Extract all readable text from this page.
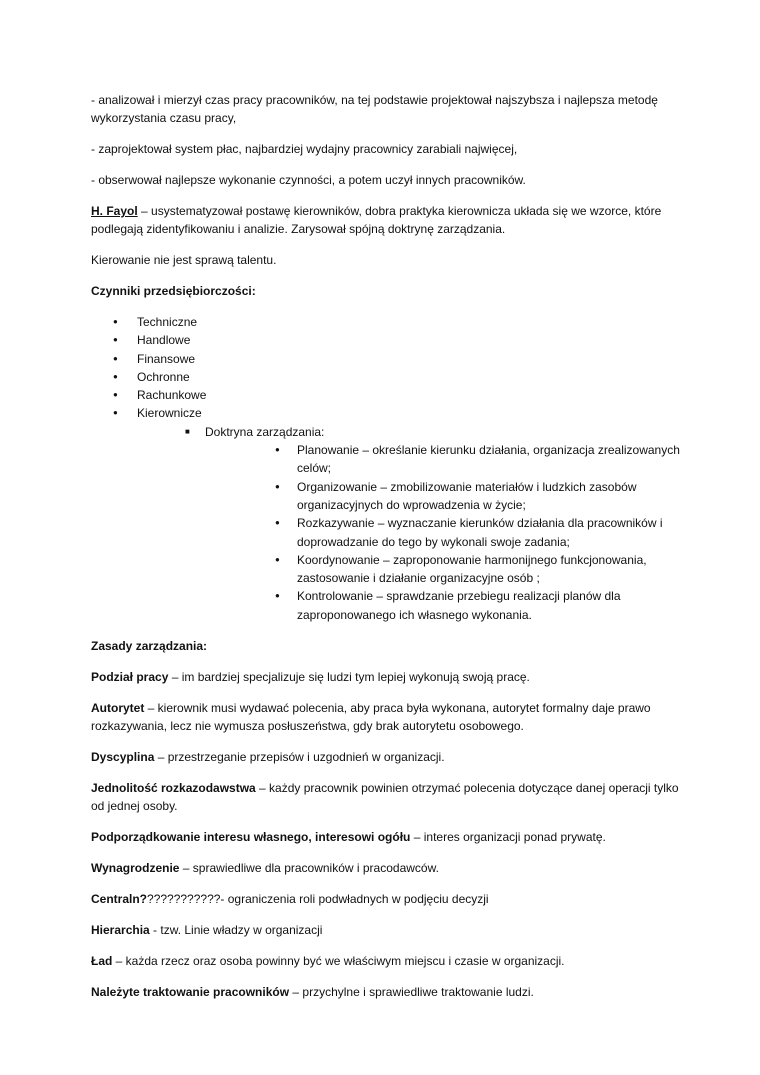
- analizował i mierzył czas pracy pracowników, na tej podstawie projektował najszybsza i najlepsza metodę wykorzystania czasu pracy,

- zaprojektował system płac, najbardziej wydajny pracownicy zarabiali najwięcej,

- obserwował najlepsze wykonanie czynności, a potem uczył innych pracowników.

H. Fayol – usystematyzował postawę kierowników, dobra praktyka kierownicza układa się we wzorce, które podlegają zidentyfikowaniu i analizie. Zarysował spójną doktrynę zarządzania.

Kierowanie nie jest sprawą talentu.

Czynniki przedsiębiorczości:

● Techniczne
● Handlowe
● Finansowe
● Ochronne
● Rachunkowe
● Kierownicze
■ Doktryna zarządzania:
● Planowanie – określanie kierunku działania, organizacja zrealizowanych celów;
● Organizowanie – zmobilizowanie materiałów i ludzkich zasobów organizacyjnych do wprowadzenia w życie;
● Rozkazywanie – wyznaczanie kierunków działania dla pracowników i doprowadzanie do tego by wykonali swoje zadania;
● Koordynowanie – zaproponowanie harmonijnego funkcjonowania, zastosowanie i działanie organizacyjne osób ;
● Kontrolowanie – sprawdzanie przebiegu realizacji planów dla zaproponowanego ich własnego wykonania.

Zasady zarządzania:

Podział pracy – im bardziej specjalizuje się ludzi tym lepiej wykonują swoją pracę.

Autorytet – kierownik musi wydawać polecenia, aby praca była wykonana, autorytet formalny daje prawo rozkazywania, lecz nie wymusza posłuszeństwa, gdy brak autorytetu osobowego.

Dyscyplina – przestrzeganie przepisów i uzgodnień w organizacji.

Jednolitość rozkazodawstwa – każdy pracownik powinien otrzymać polecenia dotyczące danej operacji tylko od jednej osoby.

Podporządkowanie interesu własnego, interesowi ogółu – interes organizacji ponad prywatę.

Wynagrodzenie – sprawiedliwe dla pracowników i pracodawców.

Centraln????????????- ograniczenia roli podwładnych w podjęciu decyzji

Hierarchia - tzw. Linie władzy w organizacji

Ład – każda rzecz oraz osoba powinny być we właściwym miejscu i czasie w organizacji.

Należyte traktowanie pracowników – przychylne i sprawiedliwe traktowanie ludzi.
